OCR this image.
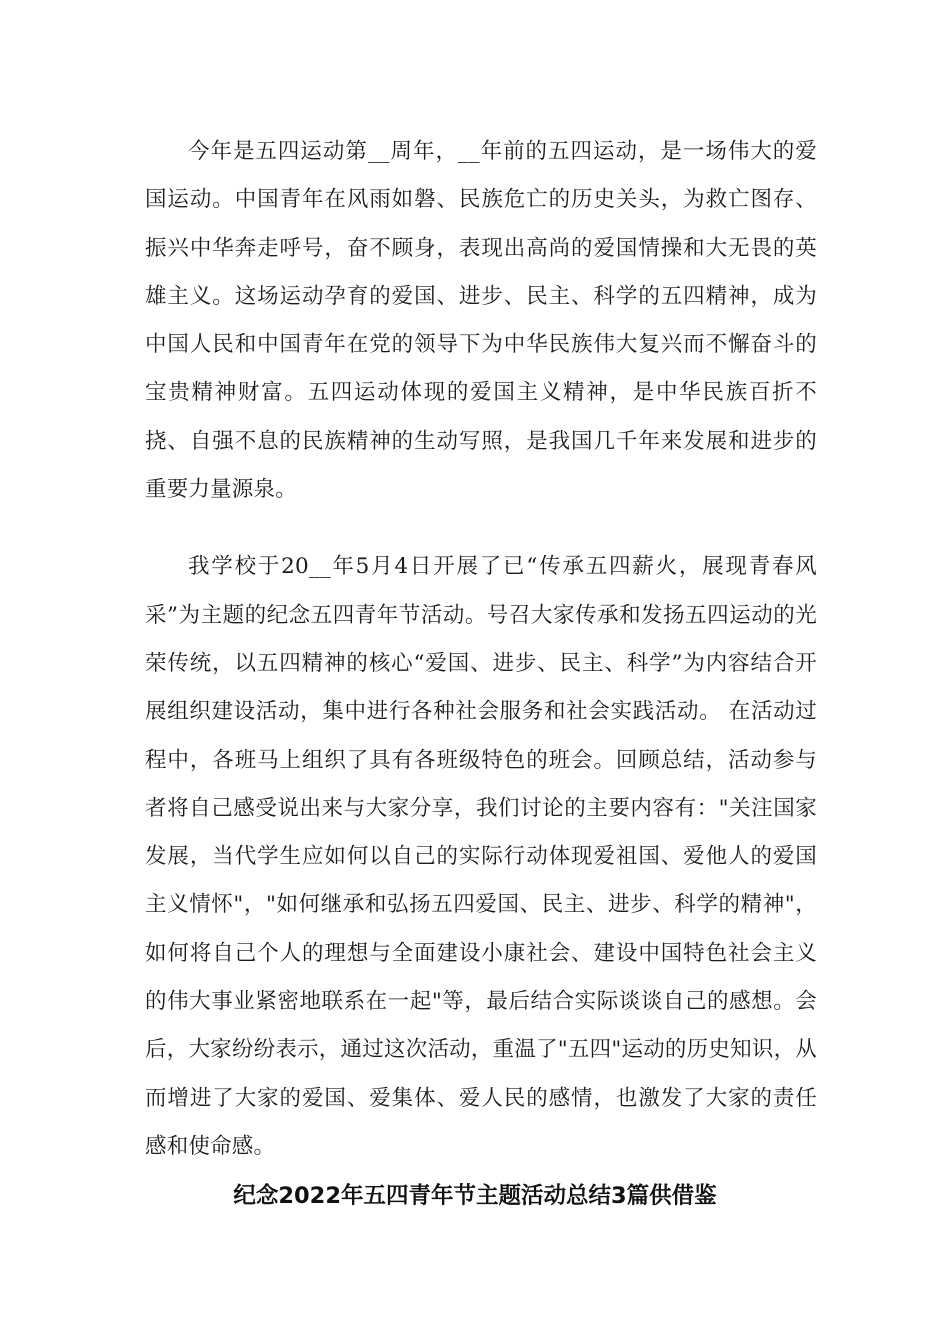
今年是五四运动第__周年，__年前的五四运动，是一场伟大的爱国运动。中国青年在风雨如磐、民族危亡的历史关头，为救亡图存、振兴中华奔走呼号，奋不顾身，表现出高尚的爱国情操和大无畏的英雄主义。这场运动孕育的爱国、进步、民主、科学的五四精神，成为中国人民和中国青年在党的领导下为中华民族伟大复兴而不懈奋斗的宝贵精神财富。五四运动体现的爱国主义精神，是中华民族百折不挠、自强不息的民族精神的生动写照，是我国几千年来发展和进步的重要力量源泉。

我学校于20__年5月4日开展了已“传承五四薪火，展现青春风采”为主题的纪念五四青年节活动。号召大家传承和发扬五四运动的光荣传统，以五四精神的核心“爱国、进步、民主、科学”为内容结合开展组织建设活动，集中进行各种社会服务和社会实践活动。 在活动过程中，各班马上组织了具有各班级特色的班会。回顾总结，活动参与者将自己感受说出来与大家分享，我们讨论的主要内容有："关注国家发展，当代学生应如何以自己的实际行动体现爱祖国、爱他人的爱国主义情怀"，"如何继承和弘扬五四爱国、民主、进步、科学的精神"，如何将自己个人的理想与全面建设小康社会、建设中国特色社会主义的伟大事业紧密地联系在一起"等，最后结合实际谈谈自己的感想。会后，大家纷纷表示，通过这次活动，重温了"五四"运动的历史知识，从而增进了大家的爱国、爱集体、爱人民的感情，也激发了大家的责任感和使命感。

纪念2022年五四青年节主题活动总结3篇供借鉴
